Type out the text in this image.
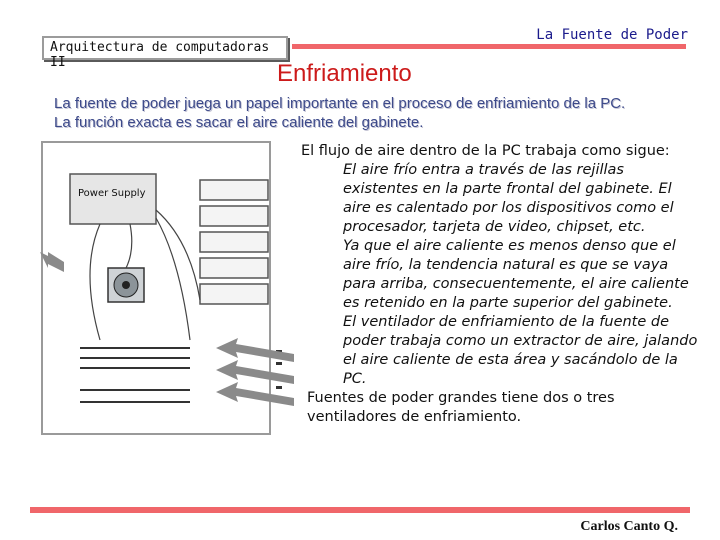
Arquitectura de computadoras II
La Fuente de Poder
Enfriamiento
La fuente de poder juega un papel importante en el proceso de enfriamiento de la PC.
La función exacta es sacar el aire caliente del gabinete.
Power Supply
El flujo de aire dentro de la PC trabaja como sigue:
El aire frío entra a través de las rejillas existentes en la parte frontal del gabinete. El aire es calentado por los dispositivos como el procesador, tarjeta de video, chipset, etc.
Ya que el aire caliente es menos denso que el aire frío, la tendencia natural es que se vaya para arriba, consecuentemente, el aire caliente es retenido en la parte superior del gabinete.
El ventilador de enfriamiento de la fuente de poder trabaja como un extractor de aire, jalando el aire caliente de esta área y sacándolo de la PC.
Fuentes de poder grandes tiene dos o tres ventiladores de enfriamiento.
Carlos Canto Q.
